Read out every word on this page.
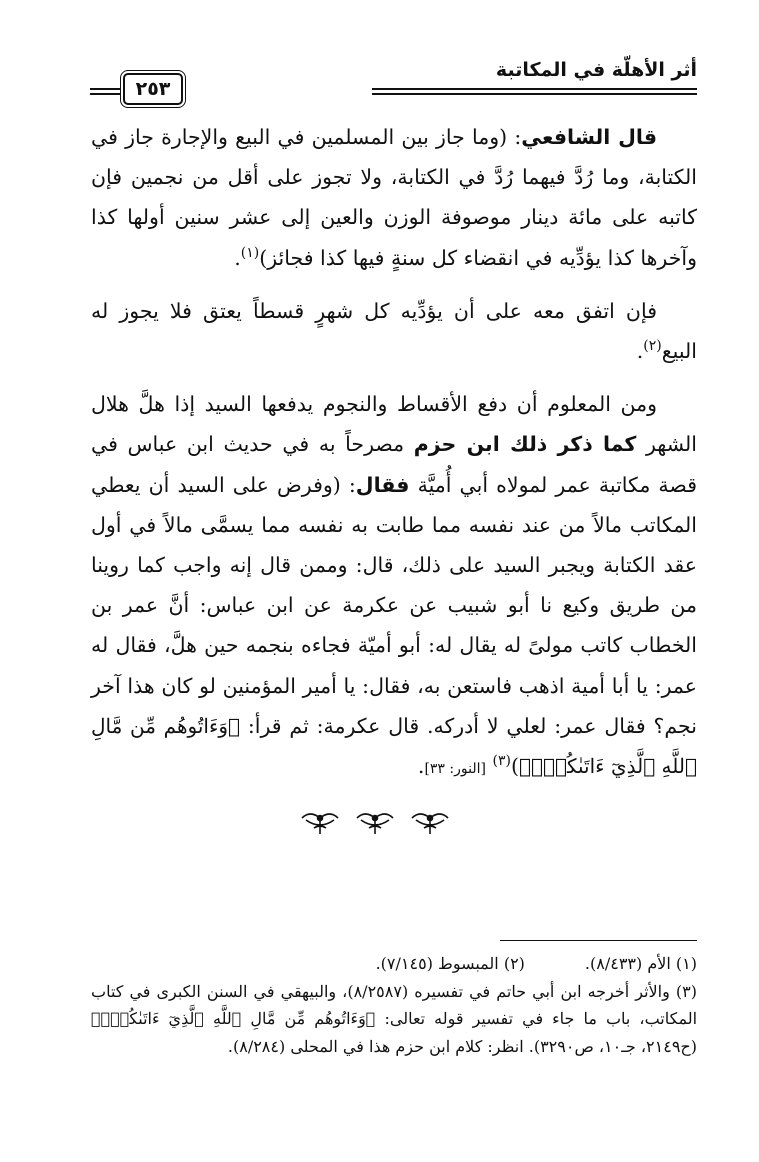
أثر الأهلّة في المكاتبة
٢٥٣

قال الشافعي: (وما جاز بين المسلمين في البيع والإجارة جاز في الكتابة، وما رُدَّ فيهما رُدَّ في الكتابة، ولا تجوز على أقل من نجمين فإن كاتبه على مائة دينار موصوفة الوزن والعين إلى عشر سنين أولها كذا وآخرها كذا يؤدِّيه في انقضاء كل سنةٍ فيها كذا فجائز)$^{(١)}$.

فإن اتفق معه على أن يؤدِّيه كل شهرٍ قسطاً يعتق فلا يجوز له البيع$^{(٢)}$.

ومن المعلوم أن دفع الأقساط والنجوم يدفعها السيد إذا هلَّ هلال الشهر كما ذكر ذلك ابن حزم مصرحاً به في حديث ابن عباس في قصة مكاتبة عمر لمولاه أبي أُميَّة فقال: (وفرض على السيد أن يعطي المكاتب مالاً من عند نفسه مما طابت به نفسه مما يسمَّى مالاً في أول عقد الكتابة ويجبر السيد على ذلك، قال: وممن قال إنه واجب كما روينا من طريق وكيع نا أبو شبيب عن عكرمة عن ابن عباس: أنَّ عمر بن الخطاب كاتب مولىً له يقال له: أبو أميّة فجاءه بنجمه حين هلَّ، فقال له عمر: يا أبا أمية اذهب فاستعن به، فقال: يا أمير المؤمنين لو كان هذا آخر نجم؟ فقال عمر: لعلي لا أدركه. قال عكرمة: ثم قرأ: ﴿وَءَاتُوهُم مِّن مَّالِ ٱللَّهِ ٱلَّذِيٓ ءَاتَىٰكُمۡۚ﴾)$^{(٣)}$ [النور: ٣٣].

(١) الأم (٨/٤٣٣).
(٢) المبسوط (٧/١٤٥).

(٣) والأثر أخرجه ابن أبي حاتم في تفسيره (٨/٢٥٨٧)، والبيهقي في السنن الكبرى في كتاب المكاتب، باب ما جاء في تفسير قوله تعالى: ﴿وَءَاتُوهُم مِّن مَّالِ ٱللَّهِ ٱلَّذِيٓ ءَاتَىٰكُمۡۚ﴾ (ح٢١٤٩، جـ١٠، ص٣٢٩٠). انظر: كلام ابن حزم هذا في المحلى (٨/٢٨٤).
